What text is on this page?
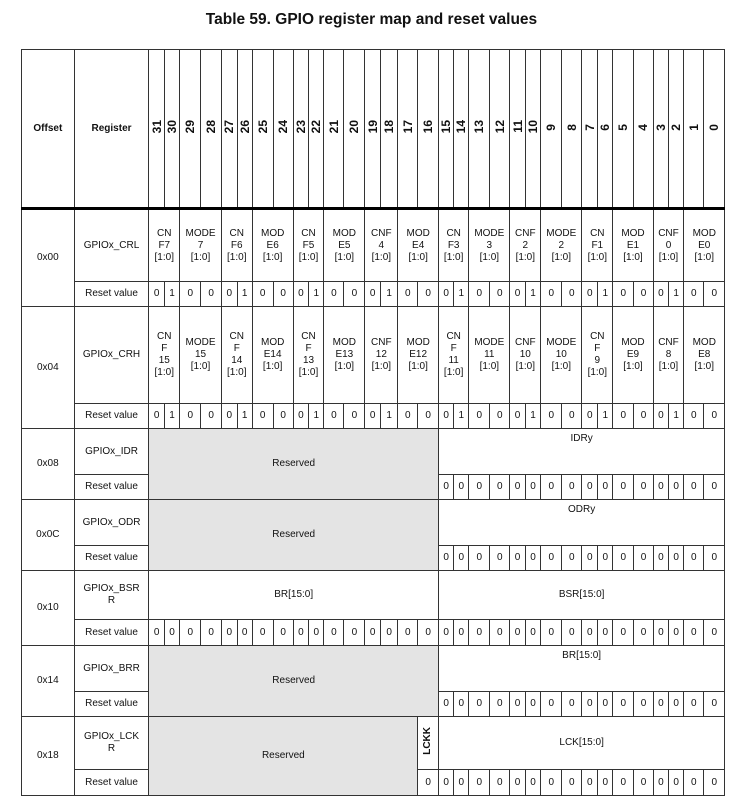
Table 59. GPIO register map and reset values
Offset	Register	31	30	29	28	27	26	25	24	23	22	21	20	19	18	17	16	15	14	13	12	11	10	9	8	7	6	5	4	3	2	1	0
0x00	GPIOx_CRL	CN
F7
[1:0]		MODE
7
[1:0]		CN
F6
[1:0]		MOD
E6
[1:0]		CN
F5
[1:0]		MOD
E5
[1:0]		CNF
4
[1:0]		MOD
E4
[1:0]		CN
F3
[1:0]		MODE
3
[1:0]		CNF
2
[1:0]		MODE
2
[1:0]		CN
F1
[1:0]		MOD
E1
[1:0]		CNF
0
[1:0]		MOD
E0
[1:0]	
	Reset value	0	1	0	0	0	1	0	0	0	1	0	0	0	1	0	0	0	1	0	0	0	1	0	0	0	1	0	0	0	1	0	0
0x04	GPIOx_CRH	CN
F
15
[1:0]		MODE
15
[1:0]		CN
F
14
[1:0]		MOD
E14
[1:0]		CN
F
13
[1:0]		MOD
E13
[1:0]		CNF
12
[1:0]		MOD
E12
[1:0]		CN
F
11
[1:0]		MODE
11
[1:0]		CNF
10
[1:0]		MODE
10
[1:0]		CN
F
9
[1:0]		MOD
E9
[1:0]		CNF
8
[1:0]		MOD
E8
[1:0]	
	Reset value	0	1	0	0	0	1	0	0	0	1	0	0	0	1	0	0	0	1	0	0	0	1	0	0	0	1	0	0	0	1	0	0
0x08	GPIOx_IDR	Reserved																IDRy															
	Reset value																	0	0	0	0	0	0	0	0	0	0	0	0	0	0	0	0
0x0C	GPIOx_ODR	Reserved																ODRy															
	Reset value																	0	0	0	0	0	0	0	0	0	0	0	0	0	0	0	0
0x10	GPIOx_BSR
R	BR[15:0]																BSR[15:0]															
	Reset value	0	0	0	0	0	0	0	0	0	0	0	0	0	0	0	0	0	0	0	0	0	0	0	0	0	0	0	0	0	0	0	0
0x14	GPIOx_BRR	Reserved																BR[15:0]															
	Reset value																	0	0	0	0	0	0	0	0	0	0	0	0	0	0	0	0
0x18	GPIOx_LCK
R	Reserved															LCKK	LCK[15:0]															
	Reset value																0	0	0	0	0	0	0	0	0	0	0	0	0	0	0	0	0
